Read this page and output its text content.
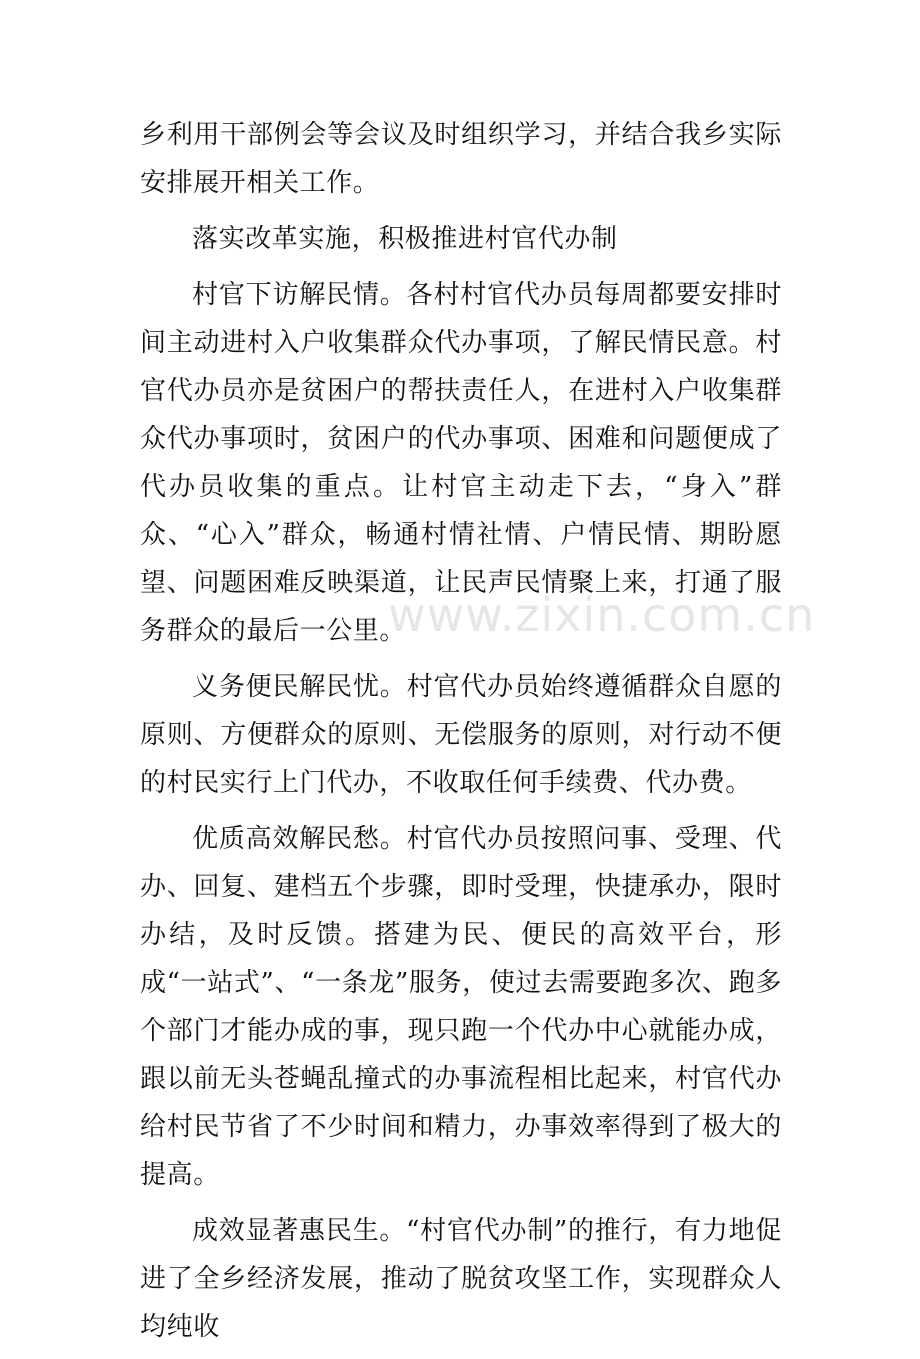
www.zixin.com.cn

乡利用干部例会等会议及时组织学习，并结合我乡实际安排展开相关工作。

落实改革实施，积极推进村官代办制

村官下访解民情。各村村官代办员每周都要安排时间主动进村入户收集群众代办事项，了解民情民意。村官代办员亦是贫困户的帮扶责任人，在进村入户收集群众代办事项时，贫困户的代办事项、困难和问题便成了代办员收集的重点。让村官主动走下去，“身入”群众、“心入”群众，畅通村情社情、户情民情、期盼愿望、问题困难反映渠道，让民声民情聚上来，打通了服务群众的最后一公里。

义务便民解民忧。村官代办员始终遵循群众自愿的原则、方便群众的原则、无偿服务的原则，对行动不便的村民实行上门代办，不收取任何手续费、代办费。

优质高效解民愁。村官代办员按照问事、受理、代办、回复、建档五个步骤，即时受理，快捷承办，限时办结，及时反馈。搭建为民、便民的高效平台，形成“一站式”、“一条龙”服务，使过去需要跑多次、跑多个部门才能办成的事，现只跑一个代办中心就能办成，跟以前无头苍蝇乱撞式的办事流程相比起来，村官代办给村民节省了不少时间和精力，办事效率得到了极大的提高。

成效显著惠民生。“村官代办制”的推行，有力地促进了全乡经济发展，推动了脱贫攻坚工作，实现群众人均纯收
